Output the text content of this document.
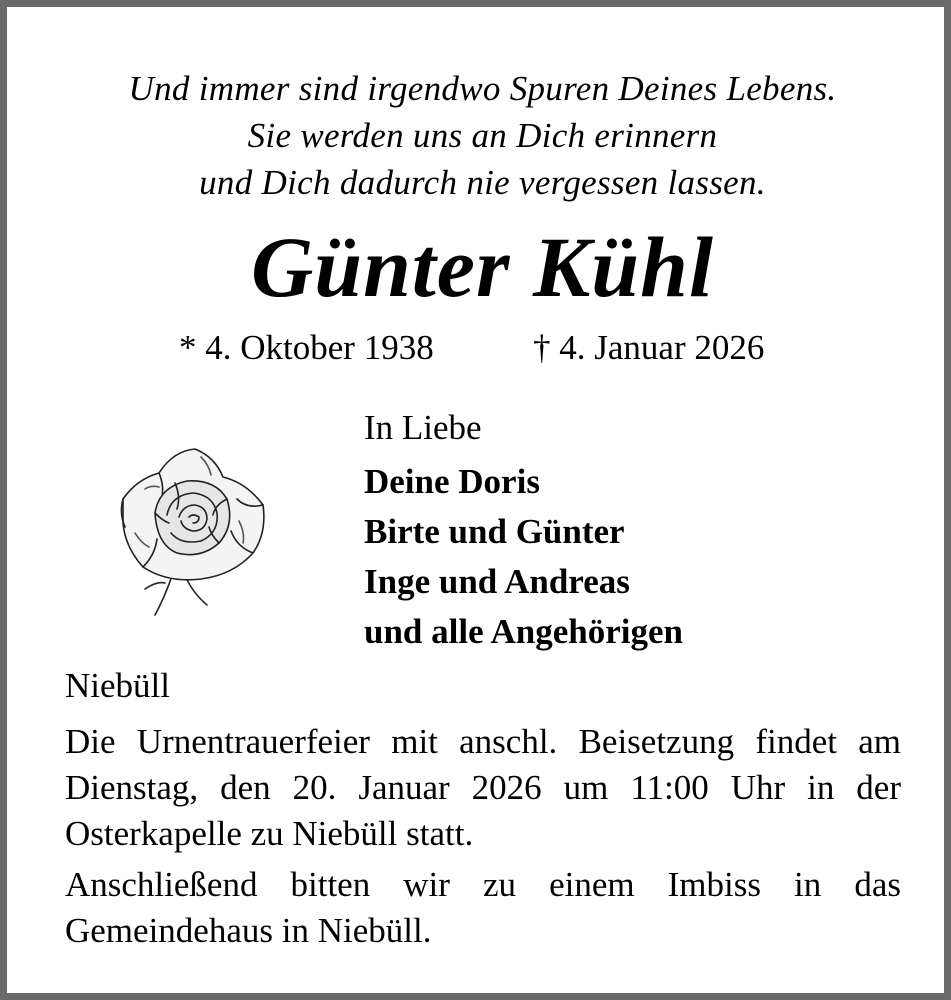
Und immer sind irgendwo Spuren Deines Lebens.
Sie werden uns an Dich erinnern
und Dich dadurch nie vergessen lassen.
Günter Kühl
* 4. Oktober 1938	† 4. Januar 2026
In Liebe
Deine Doris
Birte und Günter
Inge und Andreas
und alle Angehörigen
Niebüll
Die Urnentrauerfeier mit anschl. Beisetzung findet am Dienstag, den 20. Januar 2026 um 11:00 Uhr in der Osterkapelle zu Niebüll statt.
Anschließend bitten wir zu einem Imbiss in das Gemeindehaus in Niebüll.
